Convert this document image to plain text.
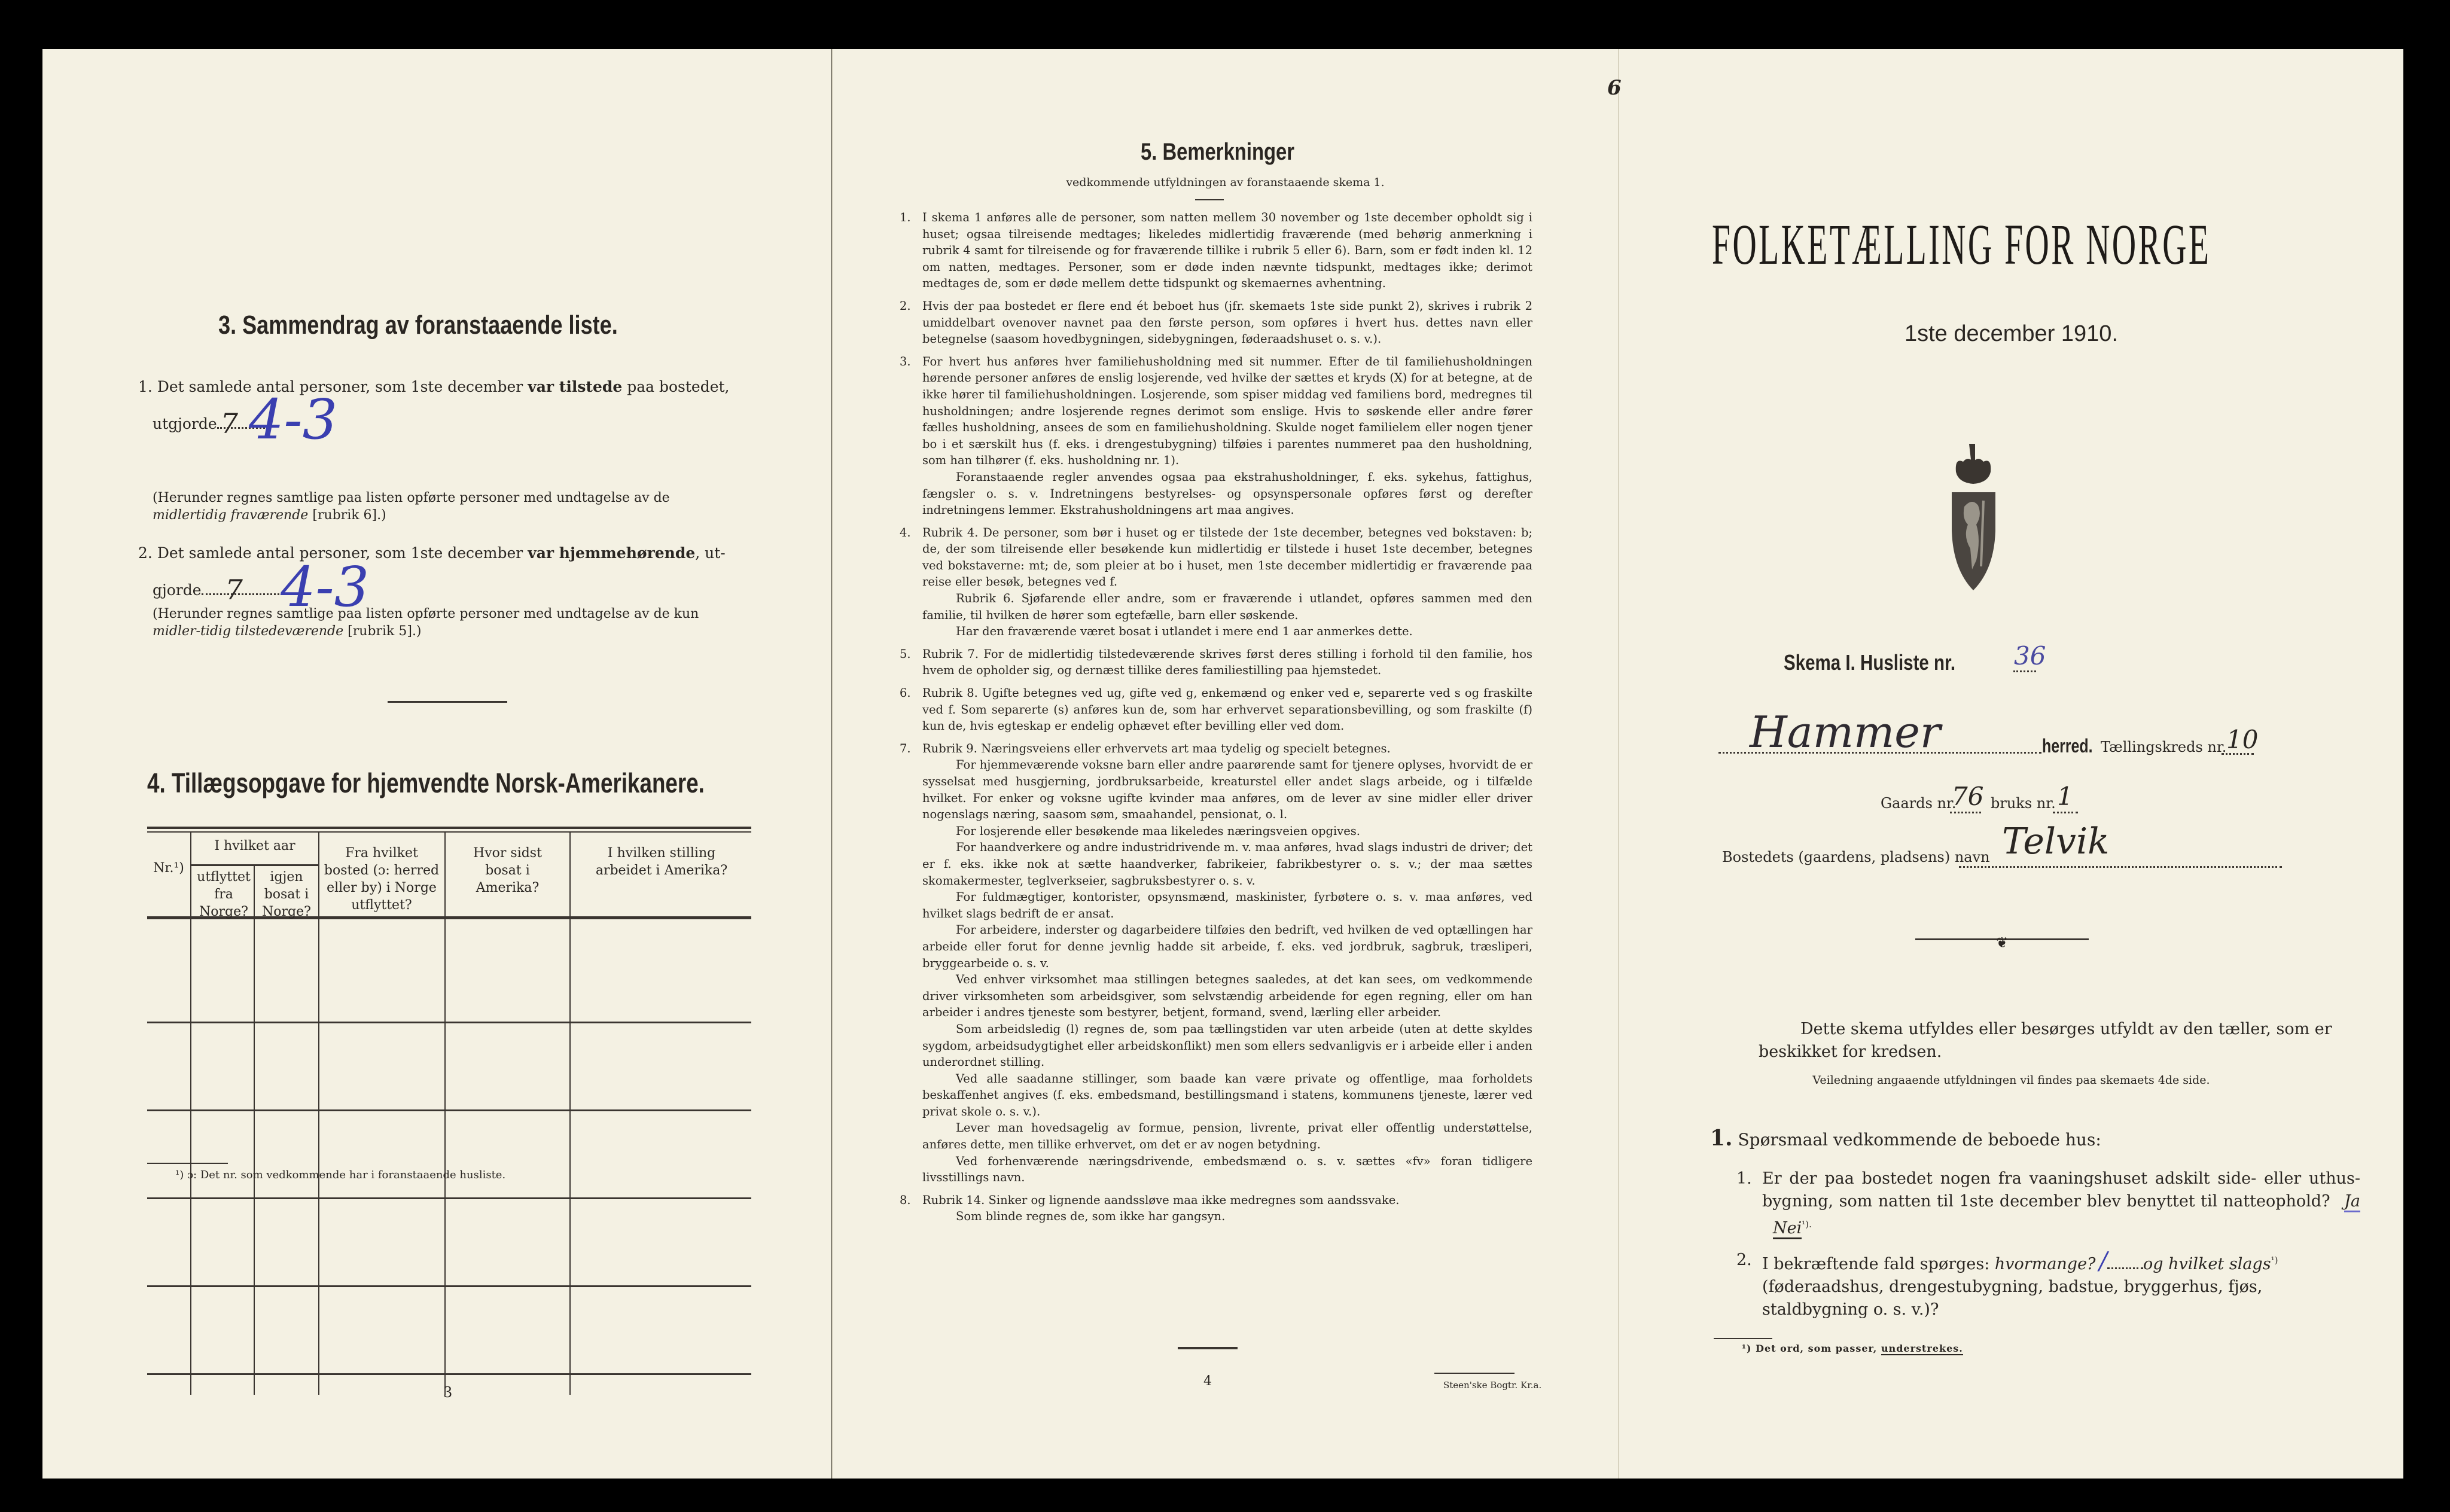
3. Sammendrag av foranstaaende liste.
1. Det samlede antal personer, som 1ste december var tilstede paa bostedet,
utgjorde 7 4-3
(Herunder regnes samtlige paa listen opførte personer med undtagelse av de midlertidig fraværende [rubrik 6].)
2. Det samlede antal personer, som 1ste december var hjemmehørende, ut-
gjorde 7 4-3
(Herunder regnes samtlige paa listen opførte personer med undtagelse av de kun midler-tidig tilstedeværende [rubrik 5].)
4. Tillægsopgave for hjemvendte Norsk-Amerikanere.
Nr.¹)
I hvilket aar
utflyttet fra Norge?
igjen bosat i Norge?
Fra hvilket bosted (ɔ: herred eller by) i Norge utflyttet?
Hvor sidst bosat i Amerika?
I hvilken stilling arbeidet i Amerika?
¹) ɔ: Det nr. som vedkommende har i foranstaaende husliste.
3
5. Bemerkninger
vedkommende utfyldningen av foranstaaende skema 1.
1. I skema 1 anføres alle de personer, som natten mellem 30 november og 1ste december opholdt sig i huset; ogsaa tilreisende medtages; likeledes midlertidig fraværende (med behørig anmerkning i rubrik 4 samt for tilreisende og for fraværende tillike i rubrik 5 eller 6). Barn, som er født inden kl. 12 om natten, medtages. Personer, som er døde inden nævnte tidspunkt, medtages ikke; derimot medtages de, som er døde mellem dette tidspunkt og skemaernes avhentning.

2. Hvis der paa bostedet er flere end ét beboet hus (jfr. skemaets 1ste side punkt 2), skrives i rubrik 2 umiddelbart ovenover navnet paa den første person, som opføres i hvert hus. dettes navn eller betegnelse (saasom hovedbygningen, sidebygningen, føderaadshuset o. s. v.).

3. For hvert hus anføres hver familiehusholdning med sit nummer. Efter de til familiehusholdningen hørende personer anføres de enslig losjerende, ved hvilke der sættes et kryds (X) for at betegne, at de ikke hører til familiehusholdningen. Losjerende, som spiser middag ved familiens bord, medregnes til husholdningen; andre losjerende regnes derimot som enslige. Hvis to søskende eller andre fører fælles husholdning, ansees de som en familiehusholdning. Skulde noget familielem eller nogen tjener bo i et særskilt hus (f. eks. i drengestubygning) tilføies i parentes nummeret paa den husholdning, som han tilhører (f. eks. husholdning nr. 1).

Foranstaaende regler anvendes ogsaa paa ekstrahusholdninger, f. eks. sykehus, fattighus, fængsler o. s. v. Indretningens bestyrelses- og opsynspersonale opføres først og derefter indretningens lemmer. Ekstrahusholdningens art maa angives.

4. Rubrik 4. De personer, som bør i huset og er tilstede der 1ste december, betegnes ved bokstaven: b; de, der som tilreisende eller besøkende kun midlertidig er tilstede i huset 1ste december, betegnes ved bokstaverne: mt; de, som pleier at bo i huset, men 1ste december midlertidig er fraværende paa reise eller besøk, betegnes ved f.

Rubrik 6. Sjøfarende eller andre, som er fraværende i utlandet, opføres sammen med den familie, til hvilken de hører som egtefælle, barn eller søskende.

Har den fraværende været bosat i utlandet i mere end 1 aar anmerkes dette.

5. Rubrik 7. For de midlertidig tilstedeværende skrives først deres stilling i forhold til den familie, hos hvem de opholder sig, og dernæst tillike deres familiestilling paa hjemstedet.

6. Rubrik 8. Ugifte betegnes ved ug, gifte ved g, enkemænd og enker ved e, separerte ved s og fraskilte ved f. Som separerte (s) anføres kun de, som har erhvervet separationsbevilling, og som fraskilte (f) kun de, hvis egteskap er endelig ophævet efter bevilling eller ved dom.

7. Rubrik 9. Næringsveiens eller erhvervets art maa tydelig og specielt betegnes.

For hjemmeværende voksne barn eller andre paarørende samt for tjenere oplyses, hvorvidt de er sysselsat med husgjerning, jordbruksarbeide, kreaturstel eller andet slags arbeide, og i tilfælde hvilket. For enker og voksne ugifte kvinder maa anføres, om de lever av sine midler eller driver nogenslags næring, saasom søm, smaahandel, pensionat, o. l.

For losjerende eller besøkende maa likeledes næringsveien opgives.

For haandverkere og andre industridrivende m. v. maa anføres, hvad slags industri de driver; det er f. eks. ikke nok at sætte haandverker, fabrikeier, fabrikbestyrer o. s. v.; der maa sættes skomakermester, teglverkseier, sagbruksbestyrer o. s. v.

For fuldmægtiger, kontorister, opsynsmænd, maskinister, fyrbøtere o. s. v. maa anføres, ved hvilket slags bedrift de er ansat.

For arbeidere, inderster og dagarbeidere tilføies den bedrift, ved hvilken de ved optællingen har arbeide eller forut for denne jevnlig hadde sit arbeide, f. eks. ved jordbruk, sagbruk, træsliperi, bryggearbeide o. s. v.

Ved enhver virksomhet maa stillingen betegnes saaledes, at det kan sees, om vedkommende driver virksomheten som arbeidsgiver, som selvstændig arbeidende for egen regning, eller om han arbeider i andres tjeneste som bestyrer, betjent, formand, svend, lærling eller arbeider.

Som arbeidsledig (l) regnes de, som paa tællingstiden var uten arbeide (uten at dette skyldes sygdom, arbeidsudygtighet eller arbeidskonflikt) men som ellers sedvanligvis er i arbeide eller i anden underordnet stilling.

Ved alle saadanne stillinger, som baade kan være private og offentlige, maa forholdets beskaffenhet angives (f. eks. embedsmand, bestillingsmand i statens, kommunens tjeneste, lærer ved privat skole o. s. v.).

Lever man hovedsagelig av formue, pension, livrente, privat eller offentlig understøttelse, anføres dette, men tillike erhvervet, om det er av nogen betydning.

Ved forhenværende næringsdrivende, embedsmænd o. s. v. sættes «fv» foran tidligere livsstillings navn.

8. Rubrik 14. Sinker og lignende aandssløve maa ikke medregnes som aandssvake.

Som blinde regnes de, som ikke har gangsyn.

4	Steen'ske Bogtr. Kr.a.
6
FOLKETÆLLING FOR NORGE
1ste december 1910.
Skema I. Husliste nr. 36
Hammer	herred. Tællingskreds nr. 10
Gaards nr.
76 bruks nr. 1
Bostedets (gaardens, pladsens) navn Telvik
❦
Dette skema utfyldes eller besørges utfyldt av den tæller, som er beskikket for kredsen.
Veiledning angaaende utfyldningen vil findes paa skemaets 4de side.
1. Spørsmaal vedkommende de beboede hus:
1. Er der paa bostedet nogen fra vaaningshuset adskilt side- eller uthus-bygning, som natten til 1ste december blev benyttet til natteophold? Ja Nei$^{^1).}$
2. I bekræftende fald spørges: hvormange? / og hvilket slags$^{^1)}$ (føderaadshus, drengestubygning, badstue, bryggerhus, fjøs, staldbygning o. s. v.)?
¹) Det ord, som passer, understrekes.
